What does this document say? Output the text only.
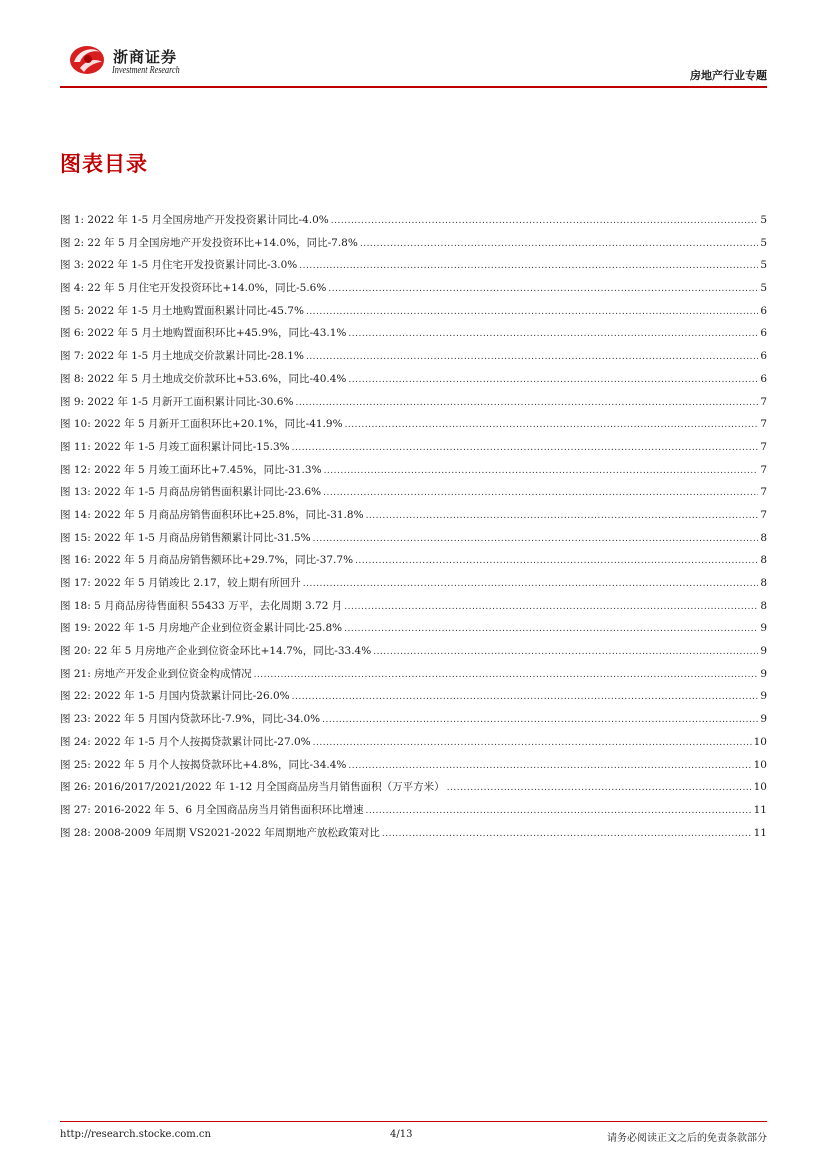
浙商证券
Investment Research	房地产行业专题
图表目录
图 1: 2022 年 1-5 月全国房地产开发投资累计同比-4.0% .....	5
图 2: 22 年 5 月全国房地产开发投资环比+14.0%，同比-7.8% .....	5
图 3: 2022 年 1-5 月住宅开发投资累计同比-3.0% .....	5
图 4: 22 年 5 月住宅开发投资环比+14.0%，同比-5.6% .....	5
图 5: 2022 年 1-5 月土地购置面积累计同比-45.7% .....	6
图 6: 2022 年 5 月土地购置面积环比+45.9%，同比-43.1% .....	6
图 7: 2022 年 1-5 月土地成交价款累计同比-28.1% .....	6
图 8: 2022 年 5 月土地成交价款环比+53.6%，同比-40.4% .....	6
图 9: 2022 年 1-5 月新开工面积累计同比-30.6% .....	7
图 10: 2022 年 5 月新开工面积环比+20.1%，同比-41.9% .....	7
图 11: 2022 年 1-5 月竣工面积累计同比-15.3% .....	7
图 12: 2022 年 5 月竣工面环比+7.45%，同比-31.3% .....	7
图 13: 2022 年 1-5 月商品房销售面积累计同比-23.6% .....	7
图 14: 2022 年 5 月商品房销售面积环比+25.8%，同比-31.8% .....	7
图 15: 2022 年 1-5 月商品房销售额累计同比-31.5% .....	8
图 16: 2022 年 5 月商品房销售额环比+29.7%，同比-37.7% .....	8
图 17: 2022 年 5 月销竣比 2.17，较上期有所回升 .....	8
图 18: 5 月商品房待售面积 55433 万平，去化周期 3.72 月 .....	8
图 19: 2022 年 1-5 月房地产企业到位资金累计同比-25.8% .....	9
图 20: 22 年 5 月房地产企业到位资金环比+14.7%，同比-33.4% .....	9
图 21: 房地产开发企业到位资金构成情况 .....	9
图 22: 2022 年 1-5 月国内贷款累计同比-26.0% .....	9
图 23: 2022 年 5 月国内贷款环比-7.9%，同比-34.0% .....	9
图 24: 2022 年 1-5 月个人按揭贷款累计同比-27.0% .....	10
图 25: 2022 年 5 月个人按揭贷款环比+4.8%，同比-34.4% .....	10
图 26: 2016/2017/2021/2022 年 1-12 月全国商品房当月销售面积（万平方米） .....	10
图 27: 2016-2022 年 5、6 月全国商品房当月销售面积环比增速 .....	11
图 28: 2008-2009 年周期 VS2021-2022 年周期地产放松政策对比 .....	11
http://research.stocke.com.cn	4/13	请务必阅读正文之后的免责条款部分
